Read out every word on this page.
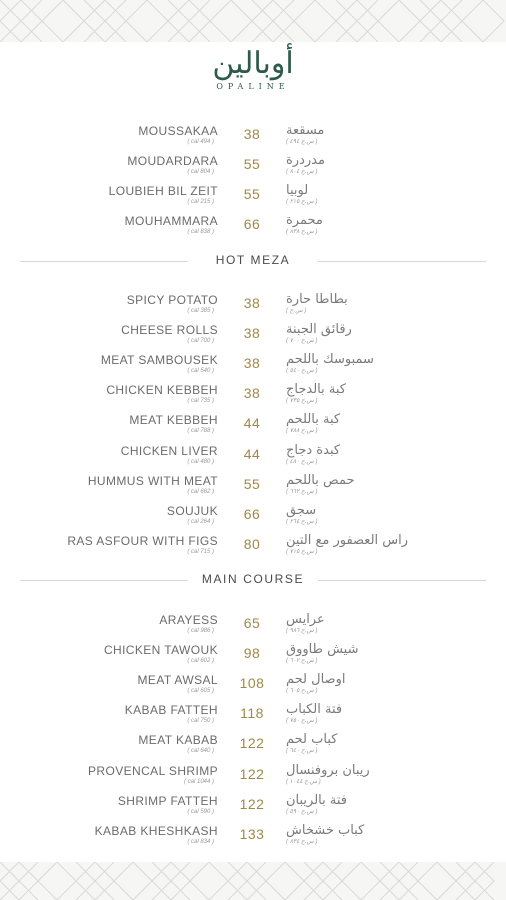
أوبالين
OPALINE
MOUSSAKAA
( cal 494 )	38	مسقعة
( س.ح ٤٩٤ )
MOUDARDARA
( cal 804 )	55	مدردرة
( س.ح ٨٠٤ )
LOUBIEH BIL ZEIT
( cal 215 )	55	لوبيا
( س.ح ٢١٥ )
MOUHAMMARA
( cal 838 )	66	محمرة
( س.ح ٨٣٨ )
HOT MEZA
SPICY POTATO
( cal 385 )	38	بطاطا حارة
( س.ح )
CHEESE ROLLS
( cal 700 )	38	رقائق الجبنة
( س.ح ٧٠٠ )
MEAT SAMBOUSEK
( cal 540 )	38	سمبوسك باللحم
( س.ح ٥٤٠ )
CHICKEN KEBBEH
( cal 735 )	38	كبة بالدجاج
( س.ح ٧٣٥ )
MEAT KEBBEH
( cal 788 )	44	كبة باللحم
( س.ح ٧٨٨ )
CHICKEN LIVER
( cal 480 )	44	كبدة دجاج
( س.ح ٤٨٠ )
HUMMUS WITH MEAT
( cal 662 )	55	حمص باللحم
( س.ح ٦٦٢ )
SOUJUK
( cal 264 )	66	سجق
( س.ح ٢٦٤ )
RAS ASFOUR WITH FIGS
( cal 715 )	80	راس العصفور مع التين
( س.ح ٧١٥ )
MAIN COURSE
ARAYESS
( cal 986 )	65	عرايس
( س.ح ٩٨٦ )
CHICKEN TAWOUK
( cal 602 )	98	شيش طاووق
( س.ح ٦٠٢ )
MEAT AWSAL
( cal 605 )	108	اوصال لحم
( س.ح ٦٠٥ )
KABAB FATTEH
( cal 750 )	118	فتة الكباب
( س.ح ٧٥٠ )
MEAT KABAB
( cal 640 )	122	كباب لحم
( س.ح ٦٤٠ )
PROVENCAL SHRIMP
( cal 1044 )	122	ريبان بروفنسال
( س.ح ١٠٤٤ )
SHRIMP FATTEH
( cal 590 )	122	فتة بالريبان
( س.ح ٥٩٠ )
KABAB KHESHKASH
( cal 834 )	133	كباب خشخاش
( س.ح ٨٣٤ )
